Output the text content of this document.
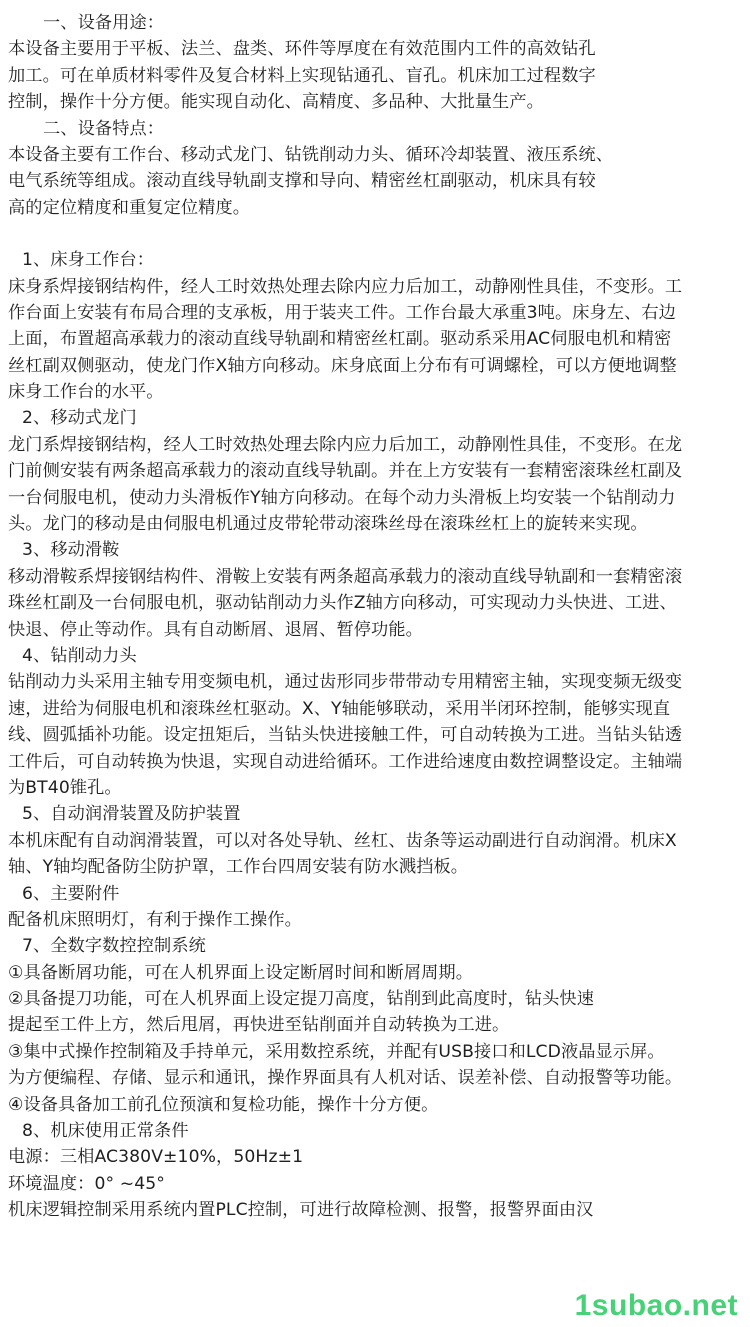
一、设备用途：
本设备主要用于平板、法兰、盘类、环件等厚度在有效范围内工件的高效钻孔
加工。可在单质材料零件及复合材料上实现钻通孔、盲孔。机床加工过程数字
控制，操作十分方便。能实现自动化、高精度、多品种、大批量生产。
二、设备特点：
本设备主要有工作台、移动式龙门、钻铣削动力头、循环冷却装置、液压系统、
电气系统等组成。滚动直线导轨副支撑和导向、精密丝杠副驱动，机床具有较
高的定位精度和重复定位精度。
1、床身工作台：
床身系焊接钢结构件，经人工时效热处理去除内应力后加工，动静刚性具佳，不变形。工
作台面上安装有布局合理的支承板，用于装夹工件。工作台最大承重3吨。床身左、右边
上面，布置超高承载力的滚动直线导轨副和精密丝杠副。驱动系采用AC伺服电机和精密
丝杠副双侧驱动，使龙门作X轴方向移动。床身底面上分布有可调螺栓，可以方便地调整
床身工作台的水平。
2、移动式龙门
龙门系焊接钢结构，经人工时效热处理去除内应力后加工，动静刚性具佳，不变形。在龙
门前侧安装有两条超高承载力的滚动直线导轨副。并在上方安装有一套精密滚珠丝杠副及
一台伺服电机，使动力头滑板作Y轴方向移动。在每个动力头滑板上均安装一个钻削动力
头。龙门的移动是由伺服电机通过皮带轮带动滚珠丝母在滚珠丝杠上的旋转来实现。
3、移动滑鞍
移动滑鞍系焊接钢结构件、滑鞍上安装有两条超高承载力的滚动直线导轨副和一套精密滚
珠丝杠副及一台伺服电机，驱动钻削动力头作Z轴方向移动，可实现动力头快进、工进、
快退、停止等动作。具有自动断屑、退屑、暂停功能。
4、钻削动力头
钻削动力头采用主轴专用变频电机，通过齿形同步带带动专用精密主轴，实现变频无级变
速，进给为伺服电机和滚珠丝杠驱动。X、Y轴能够联动，采用半闭环控制，能够实现直
线、圆弧插补功能。设定扭矩后，当钻头快进接触工件，可自动转换为工进。当钻头钻透
工件后，可自动转换为快退，实现自动进给循环。工作进给速度由数控调整设定。主轴端
为BT40锥孔。
5、自动润滑装置及防护装置
本机床配有自动润滑装置，可以对各处导轨、丝杠、齿条等运动副进行自动润滑。机床X
轴、Y轴均配备防尘防护罩，工作台四周安装有防水溅挡板。
6、主要附件
配备机床照明灯，有利于操作工操作。
7、全数字数控控制系统
①具备断屑功能，可在人机界面上设定断屑时间和断屑周期。
②具备提刀功能，可在人机界面上设定提刀高度，钻削到此高度时，钻头快速
提起至工件上方，然后甩屑，再快进至钻削面并自动转换为工进。
③集中式操作控制箱及手持单元，采用数控系统，并配有USB接口和LCD液晶显示屏。
为方便编程、存储、显示和通讯，操作界面具有人机对话、误差补偿、自动报警等功能。
④设备具备加工前孔位预演和复检功能，操作十分方便。
8、机床使用正常条件
电源：三相AC380V±10%，50Hz±1
环境温度：0° ~45°
机床逻辑控制采用系统内置PLC控制，可进行故障检测、报警，报警界面由汉
1subao.net
